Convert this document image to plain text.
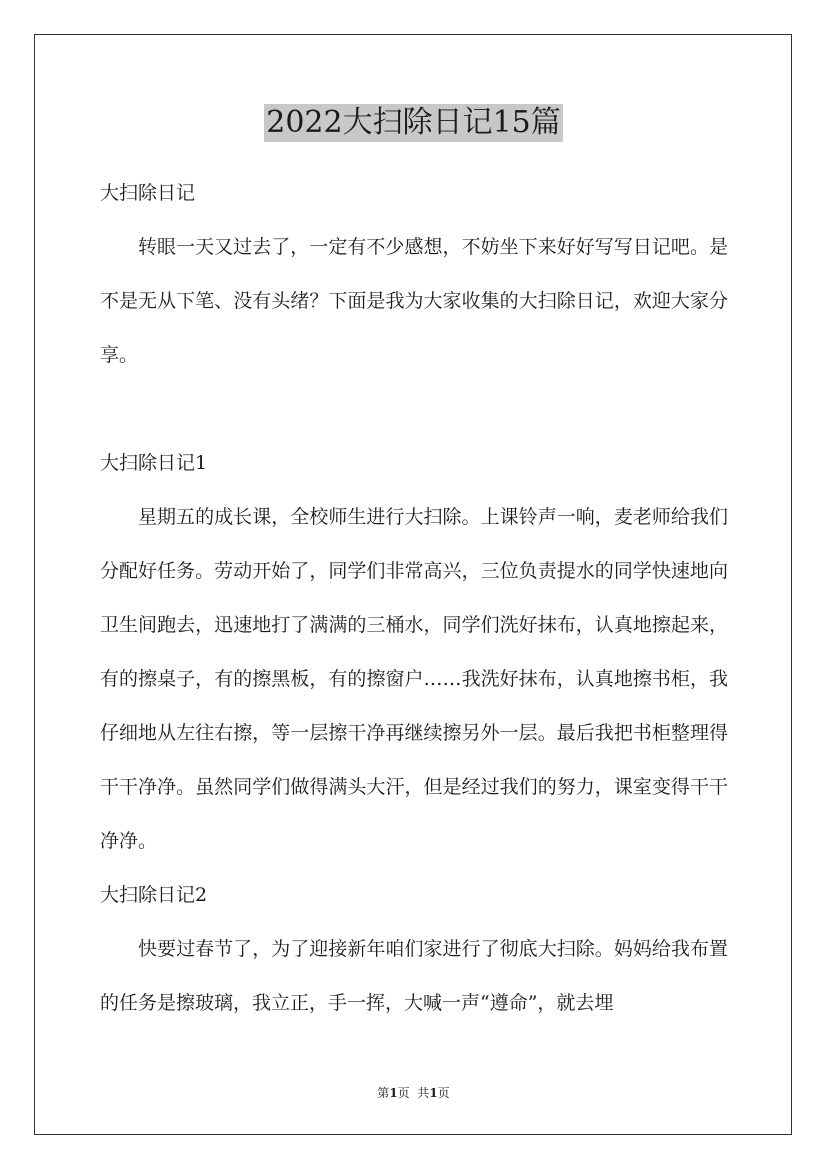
2022大扫除日记15篇

大扫除日记

转眼一天又过去了，一定有不少感想，不妨坐下来好好写写日记吧。是不是无从下笔、没有头绪？下面是我为大家收集的大扫除日记，欢迎大家分享。

大扫除日记1

星期五的成长课，全校师生进行大扫除。上课铃声一响，麦老师给我们分配好任务。劳动开始了，同学们非常高兴，三位负责提水的同学快速地向卫生间跑去，迅速地打了满满的三桶水，同学们洗好抹布，认真地擦起来，有的擦桌子，有的擦黑板，有的擦窗户……我洗好抹布，认真地擦书柜，我仔细地从左往右擦，等一层擦干净再继续擦另外一层。最后我把书柜整理得干干净净。虽然同学们做得满头大汗，但是经过我们的努力，课室变得干干净净。

大扫除日记2

快要过春节了，为了迎接新年咱们家进行了彻底大扫除。妈妈给我布置的任务是擦玻璃，我立正，手一挥，大喊一声“遵命”，就去埋

第1页  共1页
